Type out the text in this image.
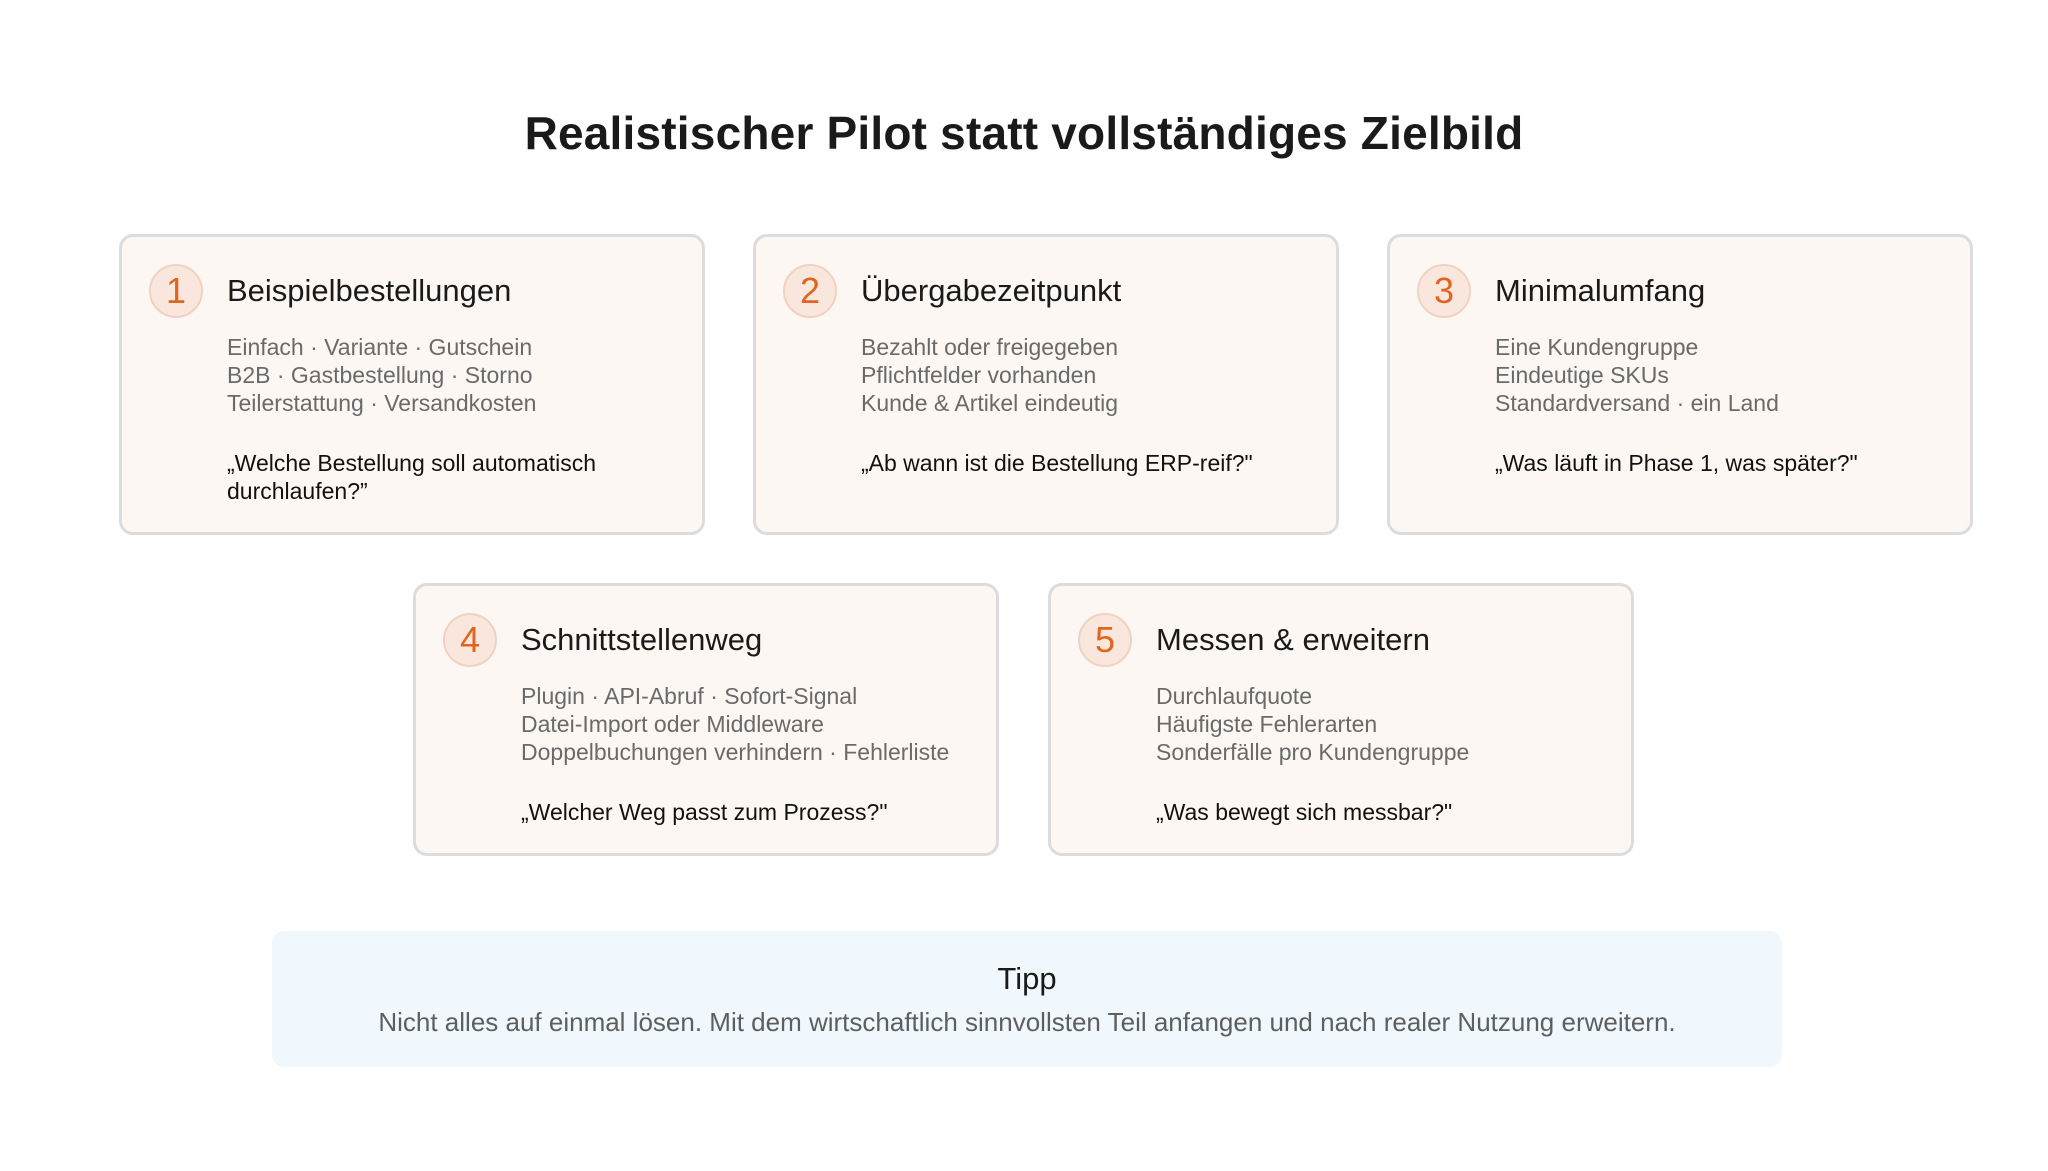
Realistischer Pilot statt vollständiges Zielbild
1	Beispielbestellungen
Einfach · Variante · Gutschein
B2B · Gastbestellung · Storno
Teilerstattung · Versandkosten
„Welche Bestellung soll automatisch durchlaufen?”
2	Übergabezeitpunkt
Bezahlt oder freigegeben
Pflichtfelder vorhanden
Kunde & Artikel eindeutig
„Ab wann ist die Bestellung ERP-reif?"
3	Minimalumfang
Eine Kundengruppe
Eindeutige SKUs
Standardversand · ein Land
„Was läuft in Phase 1, was später?"
4	Schnittstellenweg
Plugin · API-Abruf · Sofort-Signal
Datei-Import oder Middleware
Doppelbuchungen verhindern · Fehlerliste
„Welcher Weg passt zum Prozess?"
5	Messen & erweitern
Durchlaufquote
Häufigste Fehlerarten
Sonderfälle pro Kundengruppe
„Was bewegt sich messbar?"
Tipp
Nicht alles auf einmal lösen. Mit dem wirtschaftlich sinnvollsten Teil anfangen und nach realer Nutzung erweitern.
